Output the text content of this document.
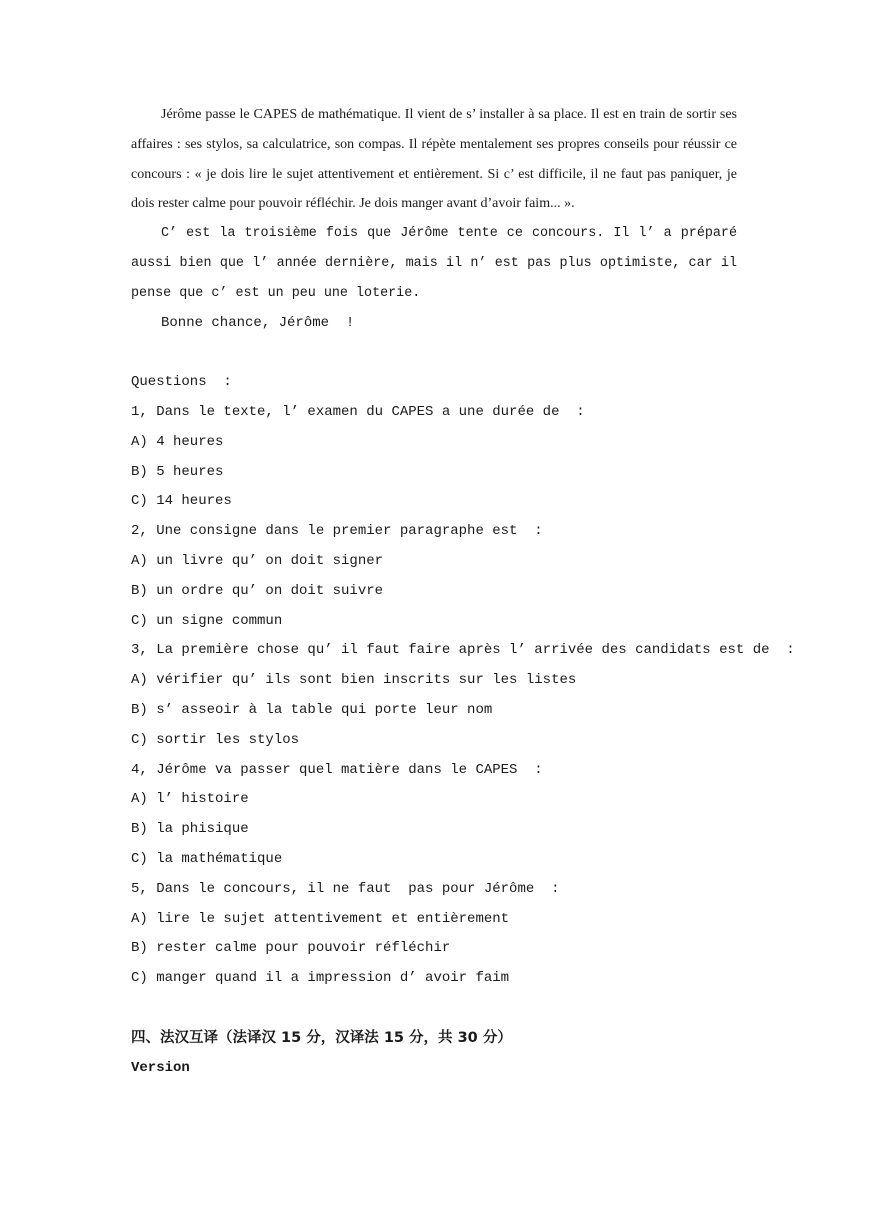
Jérôme passe le CAPES de mathématique. Il vient de s’ installer à sa place. Il est en train de sortir ses affaires : ses stylos, sa calculatrice, son compas. Il répète mentalement ses propres conseils pour réussir ce concours : « je dois lire le sujet attentivement et entièrement. Si c’ est difficile, il ne faut pas paniquer, je dois rester calme pour pouvoir réfléchir. Je dois manger avant d’avoir faim... ».

C’ est la troisième fois que Jérôme tente ce concours. Il l’ a préparé aussi bien que l’ année dernière, mais il n’ est pas plus optimiste, car il pense que c’ est un peu une loterie.

Bonne chance, Jérôme  !

Questions  :

1, Dans le texte, l’ examen du CAPES a une durée de  :

A) 4 heures

B) 5 heures

C) 14 heures

2, Une consigne dans le premier paragraphe est  :

A) un livre qu’ on doit signer

B) un ordre qu’ on doit suivre

C) un signe commun

3, La première chose qu’ il faut faire après l’ arrivée des candidats est de  :

A) vérifier qu’ ils sont bien inscrits sur les listes

B) s’ asseoir à la table qui porte leur nom

C) sortir les stylos

4, Jérôme va passer quel matière dans le CAPES  :

A) l’ histoire

B) la phisique

C) la mathématique

5, Dans le concours, il ne faut  pas pour Jérôme  :

A) lire le sujet attentivement et entièrement

B) rester calme pour pouvoir réfléchir

C) manger quand il a impression d’ avoir faim

四、法汉互译（法译汉 15 分，汉译法 15 分，共 30 分）

Version
